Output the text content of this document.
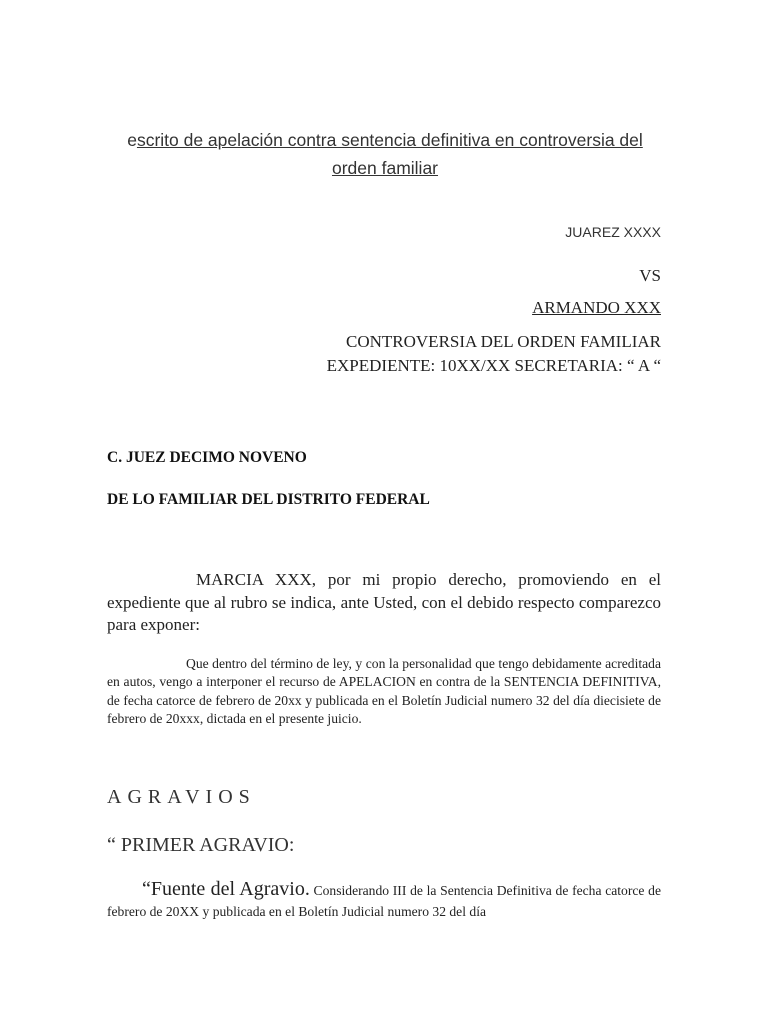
escrito de apelación contra sentencia definitiva en controversia del
orden familiar
JUAREZ XXXX
VS
ARMANDO XXX
CONTROVERSIA DEL ORDEN FAMILIAR
EXPEDIENTE: 10XX/XX SECRETARIA: “ A “
C. JUEZ DECIMO NOVENO
DE LO FAMILIAR DEL DISTRITO FEDERAL
MARCIA XXX, por mi propio derecho, promoviendo en el expediente que al rubro se indica, ante Usted, con el debido respecto comparezco para exponer:
Que dentro del término de ley, y con la personalidad que tengo debidamente acreditada en autos, vengo a interponer el recurso de APELACION en contra de la SENTENCIA DEFINITIVA, de fecha catorce de febrero de 20xx y publicada en el Boletín Judicial numero 32 del día diecisiete de febrero de 20xxx, dictada en el presente juicio.
AGRAVIOS
“ PRIMER AGRAVIO:
“Fuente del Agravio. Considerando III de la Sentencia Definitiva de fecha catorce de febrero de 20XX y publicada en el Boletín Judicial numero 32 del día
